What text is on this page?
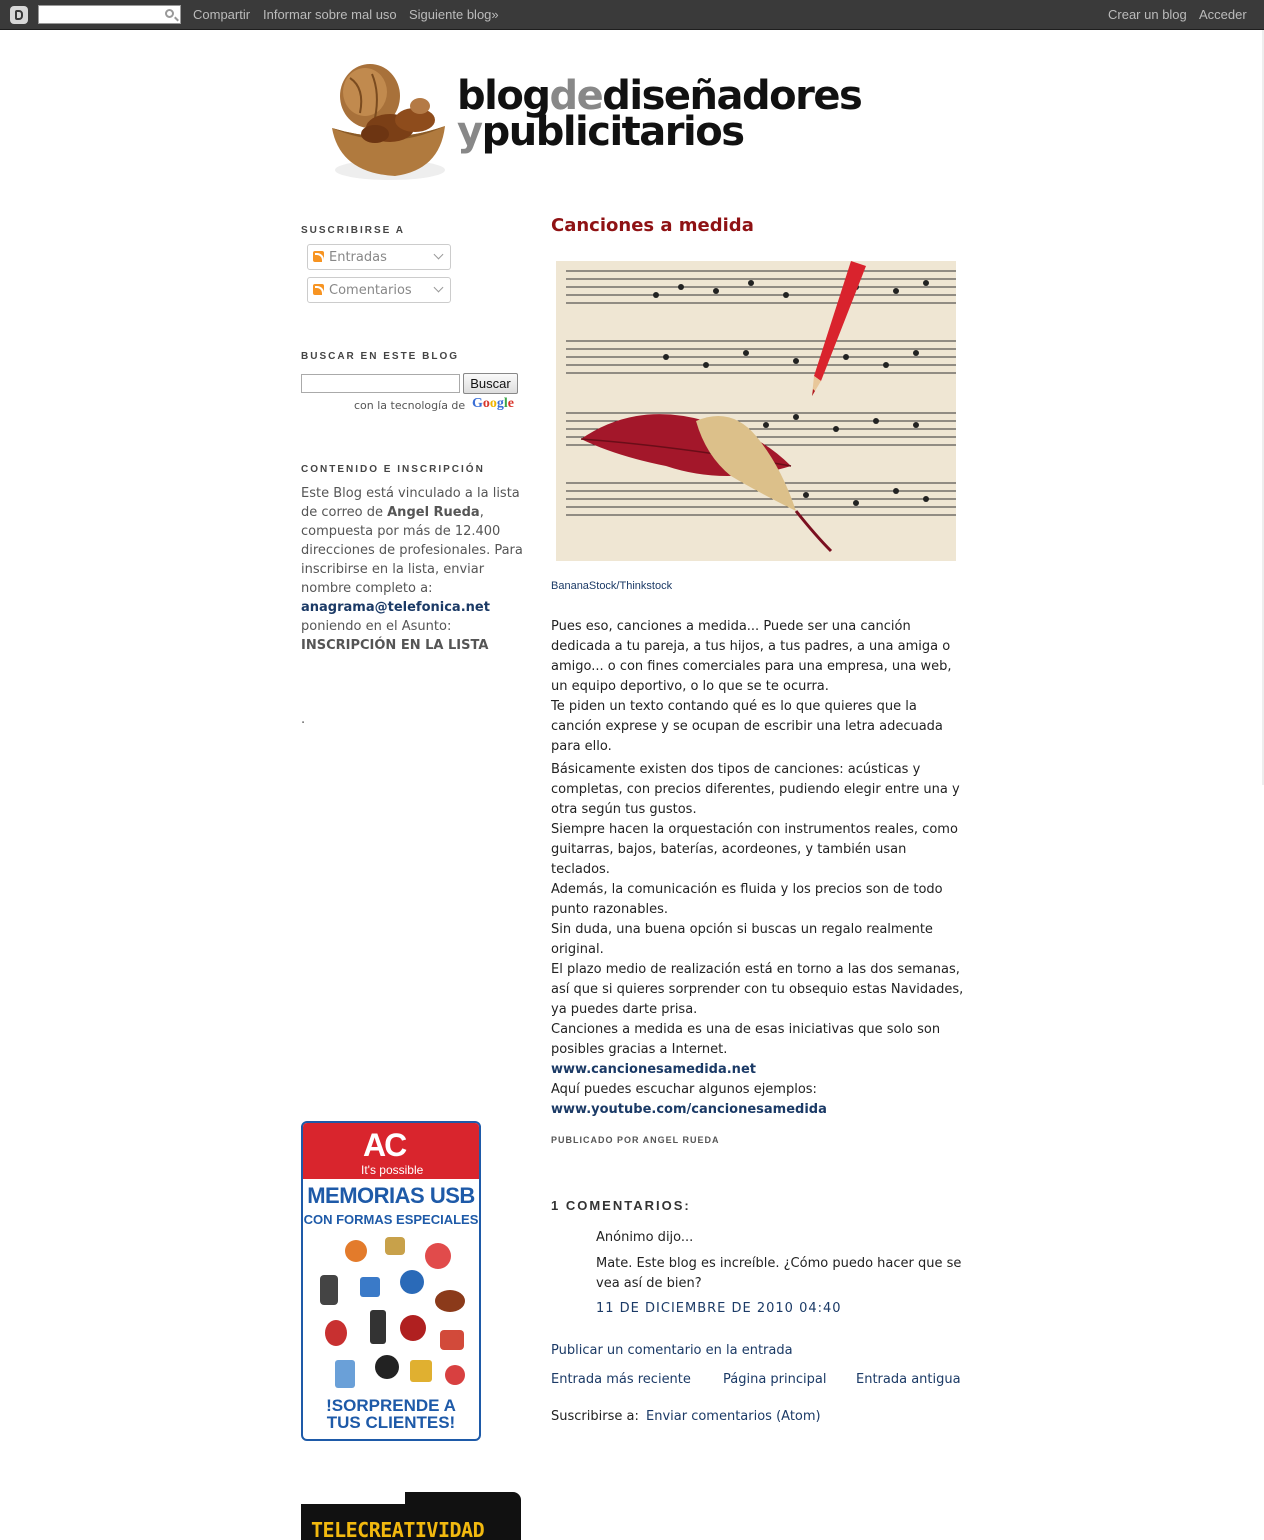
Compartir Informar sobre mal uso Siguiente blog»	Crear un blog Acceder
blogdediseñadores
ypublicitarios
SUSCRIBIRSE A
Entradas
Comentarios
BUSCAR EN ESTE BLOG
Buscar
con la tecnología de Google
CONTENIDO E INSCRIPCIÓN
Este Blog está vinculado a la lista de correo de Angel Rueda, compuesta por más de 12.400 direcciones de profesionales. Para inscribirse en la lista, enviar nombre completo a: anagrama@telefonica.net poniendo en el Asunto: INSCRIPCIÓN EN LA LISTA
.
AC
It's possible
MEMORIAS USB
CON FORMAS ESPECIALES
!SORPRENDE A
TUS CLIENTES!
TELECREATIVIDAD
Canciones a medida
BananaStock/Thinkstock
Pues eso, canciones a medida... Puede ser una canción dedicada a tu pareja, a tus hijos, a tus padres, a una amiga o amigo... o con fines comerciales para una empresa, una web, un equipo deportivo, o lo que se te ocurra.
Te piden un texto contando qué es lo que quieres que la canción exprese y se ocupan de escribir una letra adecuada para ello.
Básicamente existen dos tipos de canciones: acústicas y completas, con precios diferentes, pudiendo elegir entre una y otra según tus gustos.
Siempre hacen la orquestación con instrumentos reales, como guitarras, bajos, baterías, acordeones, y también usan teclados.
Además, la comunicación es fluida y los precios son de todo punto razonables.
Sin duda, una buena opción si buscas un regalo realmente original.
El plazo medio de realización está en torno a las dos semanas, así que si quieres sorprender con tu obsequio estas Navidades, ya puedes darte prisa.
Canciones a medida es una de esas iniciativas que solo son posibles gracias a Internet.
www.cancionesamedida.net
Aquí puedes escuchar algunos ejemplos:
www.youtube.com/cancionesamedida
PUBLICADO POR ANGEL RUEDA
1 COMENTARIOS:
Anónimo dijo...
Mate. Este blog es increíble. ¿Cómo puedo hacer que se vea así de bien?
11 DE DICIEMBRE DE 2010 04:40
Publicar un comentario en la entrada
Entrada más reciente Página principal Entrada antigua
Suscribirse a: Enviar comentarios (Atom)
